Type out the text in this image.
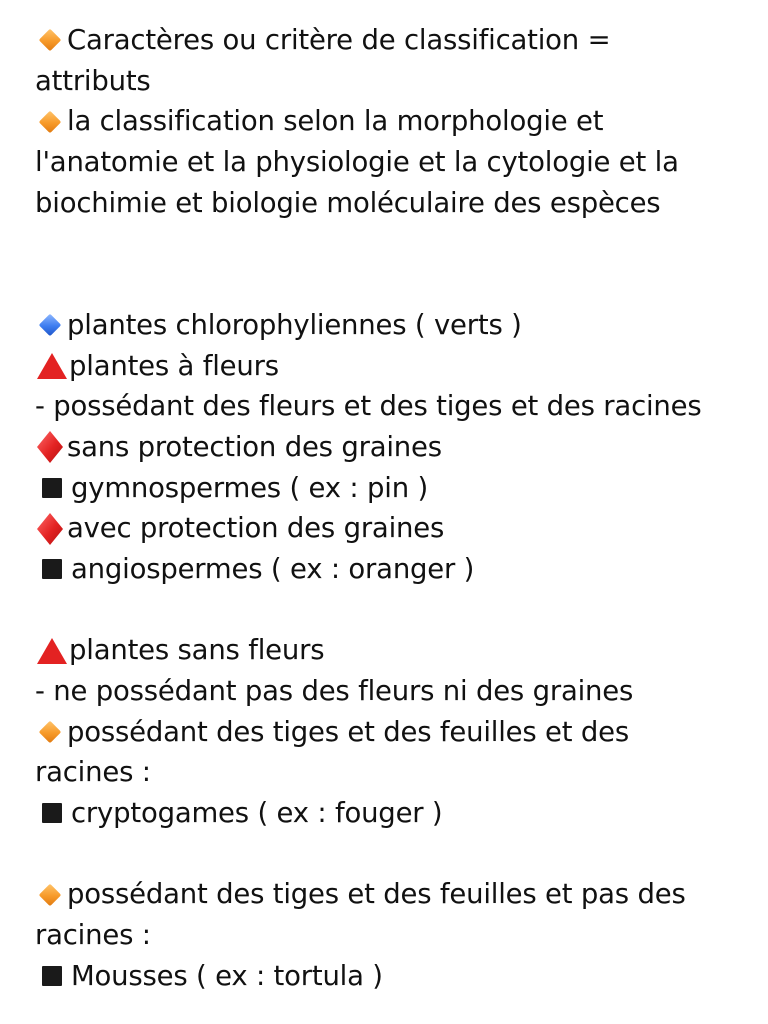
Caractères ou critère de classification =
attributs
la classification selon la morphologie et
l'anatomie et la physiologie et la cytologie et la
biochimie et biologie moléculaire des espèces
plantes chlorophyliennes ( verts )
plantes à fleurs
- possédant des fleurs et des tiges et des racines
sans protection des graines
gymnospermes ( ex : pin )
avec protection des graines
angiospermes ( ex : oranger )
plantes sans fleurs
- ne possédant pas des fleurs ni des graines
possédant des tiges et des feuilles et des
racines :
cryptogames ( ex : fouger )
possédant des tiges et des feuilles et pas des
racines :
Mousses ( ex : tortula )
